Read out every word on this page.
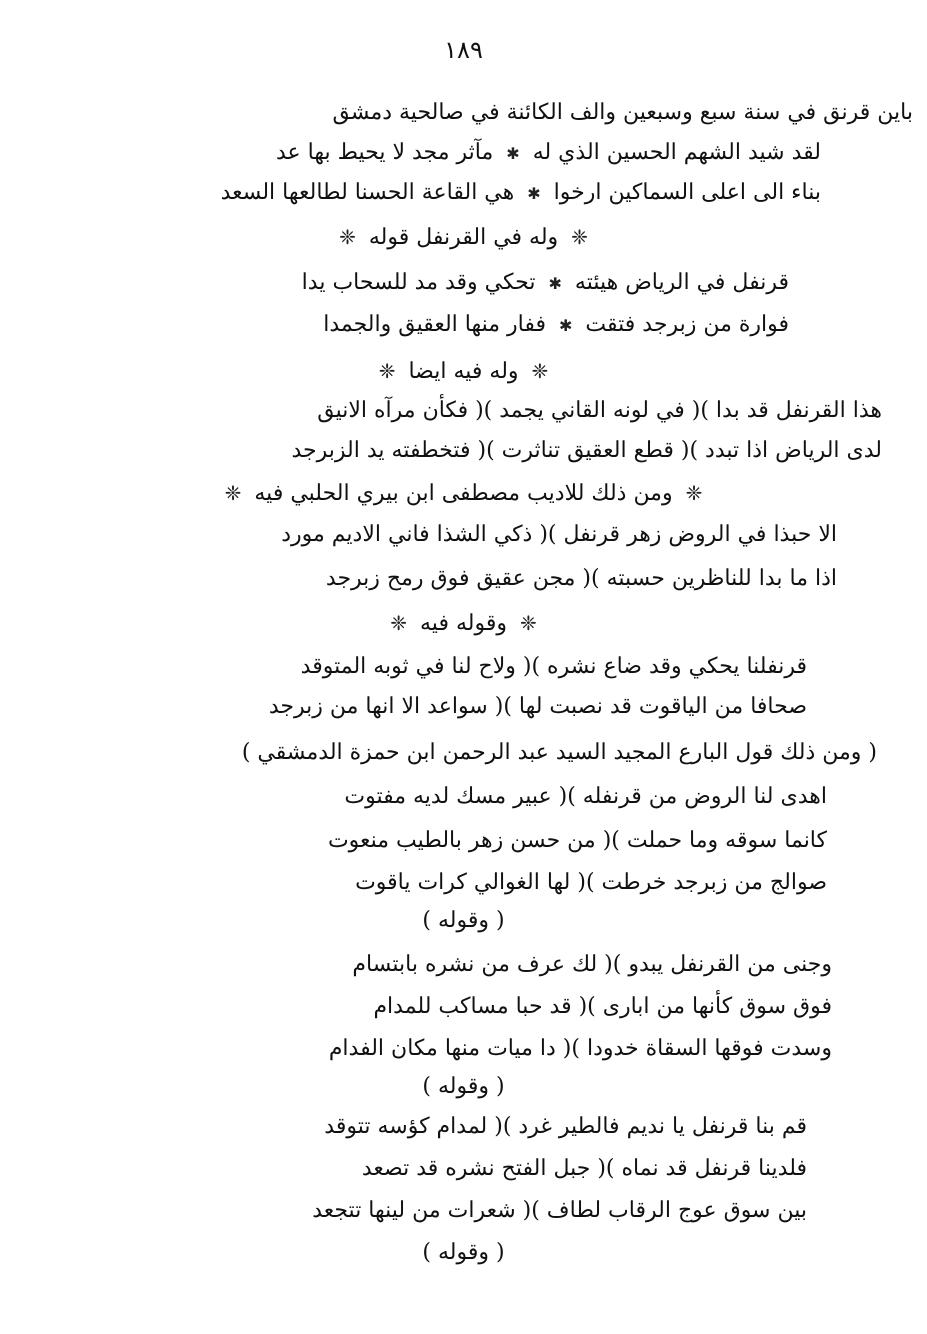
١٨٩
باين قرنق في سنة سبع وسبعين والف الكائنة في صالحية دمشق
لقد شيد الشهم الحسين الذي له ✱ مآثر مجد لا يحيط بها عد
بناء الى اعلى السماكين ارخوا ✱ هي القاعة الحسنا لطالعها السعد
❈ وله في القرنفل قوله ❈
قرنفل في الرياض هيئته ✱ تحكي وقد مد للسحاب يدا
فوارة من زبرجد فتقت ✱ ففار منها العقيق والجمدا
❈ وله فيه ايضا ❈
هذا القرنفل قد بدا )( في لونه القاني يجمد )( فكأن مرآه الانيق
لدى الرياض اذا تبدد )( قطع العقيق تناثرت )( فتخطفته يد الزبرجد
❈ ومن ذلك للاديب مصطفى ابن بيري الحلبي فيه ❈
الا حبذا في الروض زهر قرنفل )( ذكي الشذا فاني الاديم مورد
اذا ما بدا للناظرين حسبته )( مجن عقيق فوق رمح زبرجد
❈ وقوله فيه ❈
قرنفلنا يحكي وقد ضاع نشره )( ولاح لنا في ثوبه المتوقد
صحافا من الياقوت قد نصبت لها )( سواعد الا انها من زبرجد
( ومن ذلك قول البارع المجيد السيد عبد الرحمن ابن حمزة الدمشقي )
اهدى لنا الروض من قرنفله )( عبير مسك لديه مفتوت
كانما سوقه وما حملت )( من حسن زهر بالطيب منعوت
صوالج من زبرجد خرطت )( لها الغوالي كرات ياقوت
( وقوله )
وجنى من القرنفل يبدو )( لك عرف من نشره بابتسام
فوق سوق كأنها من ابارى )( قد حبا مساكب للمدام
وسدت فوقها السقاة خدودا )( دا ميات منها مكان الفدام
( وقوله )
قم بنا قرنفل يا نديم فالطير غرد )( لمدام كؤسه تتوقد
فلدينا قرنفل قد نماه )( جبل الفتح نشره قد تصعد
بين سوق عوج الرقاب لطاف )( شعرات من لينها تتجعد
( وقوله )
